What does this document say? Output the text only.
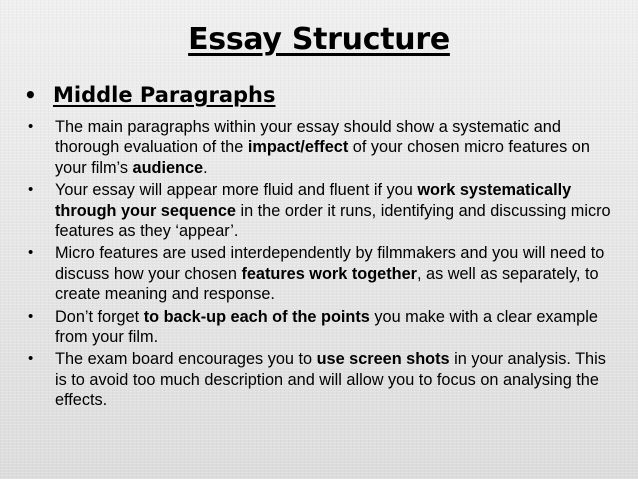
Essay Structure
• Middle Paragraphs
• The main paragraphs within your essay should show a systematic and thorough evaluation of the impact/effect of your chosen micro features on your film’s audience.
• Your essay will appear more fluid and fluent if you work systematically through your sequence in the order it runs, identifying and discussing micro features as they ‘appear’.
• Micro features are used interdependently by filmmakers and you will need to discuss how your chosen features work together, as well as separately, to create meaning and response.
• Don’t forget to back-up each of the points you make with a clear example from your film.
• The exam board encourages you to use screen shots in your analysis. This is to avoid too much description and will allow you to focus on analysing the effects.
